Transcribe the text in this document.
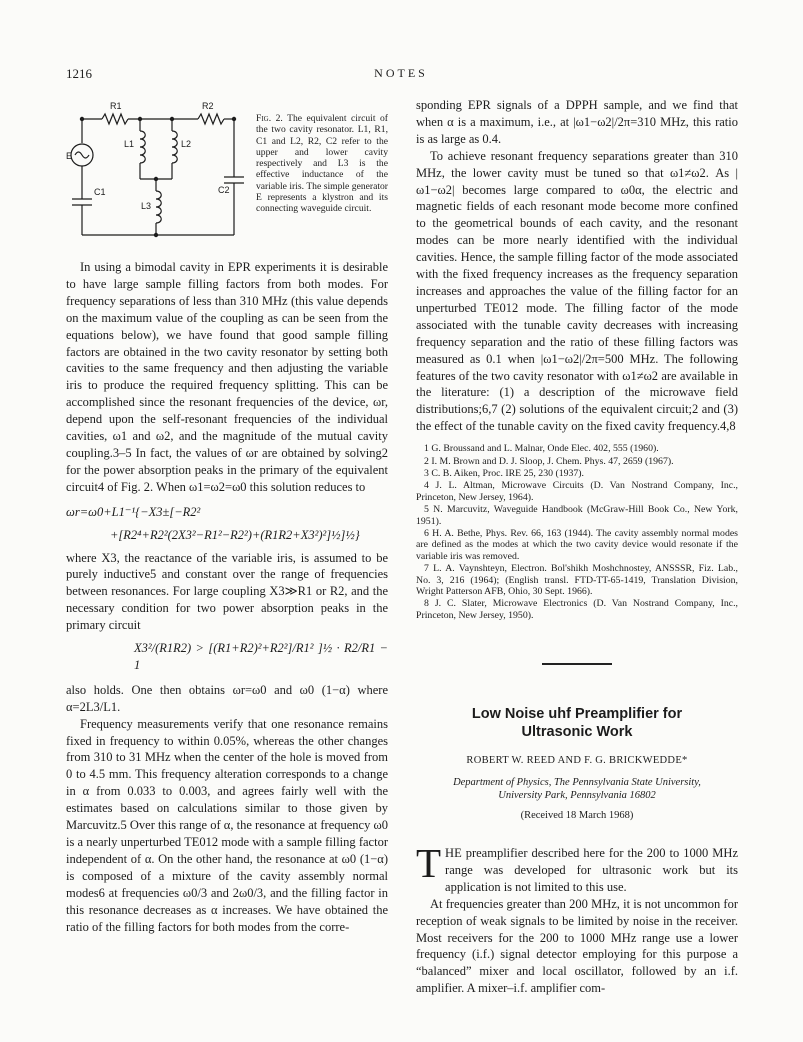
1216	NOTES
R1	R2
L1	L2
L3
C1	C2
E
Fig. 2. The equivalent circuit of the two cavity resonator. L1, R1, C1 and L2, R2, C2 refer to the upper and lower cavity respectively and L3 is the effective inductance of the variable iris. The simple generator E represents a klystron and its connecting waveguide circuit.

In using a bimodal cavity in EPR experiments it is desirable to have large sample filling factors from both modes. For frequency separations of less than 310 MHz (this value depends on the maximum value of the coupling as can be seen from the equations below), we have found that good sample filling factors are obtained in the two cavity resonator by setting both cavities to the same frequency and then adjusting the variable iris to produce the required frequency splitting. This can be accomplished since the resonant frequencies of the device, ωr, depend upon the self-resonant frequencies of the individual cavities, ω1 and ω2, and the magnitude of the mutual cavity coupling.3–5 In fact, the values of ωr are obtained by solving2 for the power absorption peaks in the primary of the equivalent circuit4 of Fig. 2. When ω1=ω2=ω0 this solution reduces to

ωr=ω0+L1⁻¹{−X3±[−R2²
+[R2⁴+R2²(2X3²−R1²−R2²)+(R1R2+X3²)²]½]½}

where X3, the reactance of the variable iris, is assumed to be purely inductive5 and constant over the range of frequencies between resonances. For large coupling X3≫R1 or R2, and the necessary condition for two power absorption peaks in the primary circuit

X3²/(R1R2) > [(R1+R2)²+R2²]/R1² ]½ · R2/R1 − 1

also holds. One then obtains ωr=ω0 and ω0 (1−α) where α=2L3/L1.

Frequency measurements verify that one resonance remains fixed in frequency to within 0.05%, whereas the other changes from 310 to 31 MHz when the center of the hole is moved from 0 to 4.5 mm. This frequency alteration corresponds to a change in α from 0.033 to 0.003, and agrees fairly well with the estimates based on calculations similar to those given by Marcuvitz.5 Over this range of α, the resonance at frequency ω0 is a nearly unperturbed TE012 mode with a sample filling factor independent of α. On the other hand, the resonance at ω0 (1−α) is composed of a mixture of the cavity assembly normal modes6 at frequencies ω0/3 and 2ω0/3, and the filling factor in this resonance decreases as α increases. We have obtained the ratio of the filling factors for both modes from the corre-

sponding EPR signals of a DPPH sample, and we find that when α is a maximum, i.e., at |ω1−ω2|/2π=310 MHz, this ratio is as large as 0.4.

To achieve resonant frequency separations greater than 310 MHz, the lower cavity must be tuned so that ω1≠ω2. As |ω1−ω2| becomes large compared to ω0α, the electric and magnetic fields of each resonant mode become more confined to the geometrical bounds of each cavity, and the resonant modes can be more nearly identified with the individual cavities. Hence, the sample filling factor of the mode associated with the fixed frequency increases as the frequency separation increases and approaches the value of the filling factor for an unperturbed TE012 mode. The filling factor of the mode associated with the tunable cavity decreases with increasing frequency separation and the ratio of these filling factors was measured as 0.1 when |ω1−ω2|/2π=500 MHz. The following features of the two cavity resonator with ω1≠ω2 are available in the literature: (1) a description of the microwave field distributions;6,7 (2) solutions of the equivalent circuit;2 and (3) the effect of the tunable cavity on the fixed cavity frequency.4,8

1 G. Broussand and L. Malnar, Onde Elec. 402, 555 (1960).
2 I. M. Brown and D. J. Sloop, J. Chem. Phys. 47, 2659 (1967).
3 C. B. Aiken, Proc. IRE 25, 230 (1937).
4 J. L. Altman, Microwave Circuits (D. Van Nostrand Company, Inc., Princeton, New Jersey, 1964).
5 N. Marcuvitz, Waveguide Handbook (McGraw-Hill Book Co., New York, 1951).
6 H. A. Bethe, Phys. Rev. 66, 163 (1944). The cavity assembly normal modes are defined as the modes at which the two cavity device would resonate if the variable iris was removed.
7 L. A. Vaynshteyn, Electron. Bol'shikh Moshchnostey, ANSSSR, Fiz. Lab., No. 3, 216 (1964); (English transl. FTD-TT-65-1419, Translation Division, Wright Patterson AFB, Ohio, 30 Sept. 1966).
8 J. C. Slater, Microwave Electronics (D. Van Nostrand Company, Inc., Princeton, New Jersey, 1950).
Low Noise uhf Preamplifier for
Ultrasonic Work
ROBERT W. REED AND F. G. BRICKWEDDE*
Department of Physics, The Pennsylvania State University,
University Park, Pennsylvania 16802
(Received 18 March 1968)

THE preamplifier described here for the 200 to 1000 MHz range was developed for ultrasonic work but its application is not limited to this use.

At frequencies greater than 200 MHz, it is not uncommon for reception of weak signals to be limited by noise in the receiver. Most receivers for the 200 to 1000 MHz range use a lower frequency (i.f.) signal detector employing for this purpose a “balanced” mixer and local oscillator, followed by an i.f. amplifier. A mixer–i.f. amplifier com-
